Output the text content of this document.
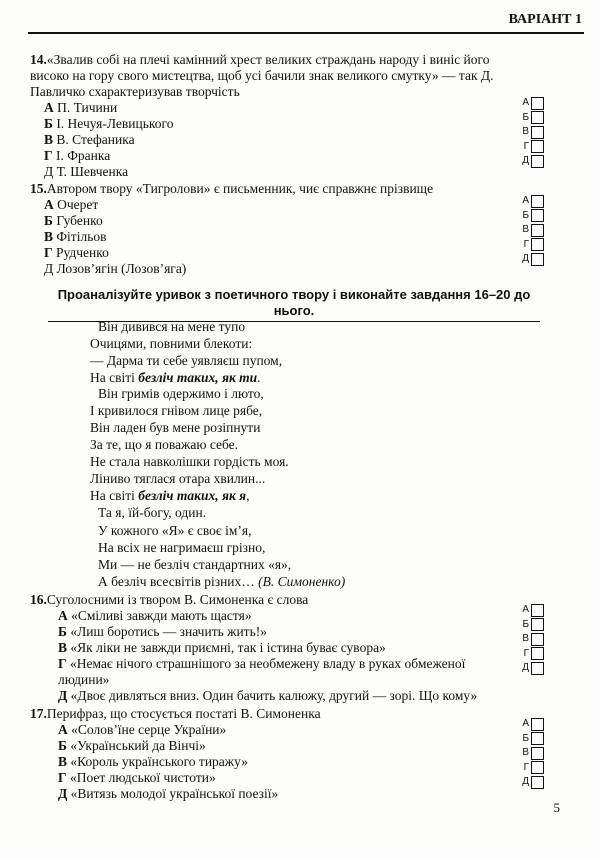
ВАРІАНТ 1
14.«Звалив собі на плечі камінний хрест великих страждань народу і виніс його високо на гору свого мистецтва, щоб усі бачили знак великого смутку» — так Д. Павличко схарактеризував творчість
А П. Тичини
Б І. Нечуя-Левицького
В В. Стефаника
Г І. Франка
Д Т. Шевченка
А
Б
В
Г
Д
15.Автором твору «Тигролови» є письменник, чиє справжнє прізвище
А Очерет
Б Губенко
В Фітільов
Г Рудченко
Д Лозов’ягін (Лозов’яга)
А
Б
В
Г
Д
Проаналізуйте уривок з поетичного твору і виконайте завдання 16–20 до нього.
Він дивився на мене тупо
Очицями, повними блекоти:
— Дарма ти себе уявляєш пупом,
На світі безліч таких, як ти.
Він гримів одержимо і люто,
І кривилося гнівом лице рябе,
Він ладен був мене розіпнути
За те, що я поважаю себе.
Не стала навколішки гордість моя.
Ліниво тяглася отара хвилин...
На світі безліч таких, як я,
Та я, їй-богу, один.
У кожного «Я» є своє ім’я,
На всіх не нагримаєш грізно,
Ми — не безліч стандартних «я»,
А безліч всесвітів різних… (В. Симоненко)
16.Суголосними із твором В. Симоненка є слова
А «Сміливі завжди мають щастя»
Б «Лиш боротись — значить жить!»
В «Як ліки не завжди приємні, так і істина буває сувора»
Г «Немає нічого страшнішого за необмежену владу в руках обмеженої людини»
Д «Двоє дивляться вниз. Один бачить калюжу, другий — зорі. Що кому»
А
Б
В
Г
Д
17.Перифраз, що стосується постаті В. Симоненка
А «Солов’їне серце України»
Б «Український да Вінчі»
В «Король українського тиражу»
Г «Поет людської чистоти»
Д «Витязь молодої української поезії»
А
Б
В
Г
Д
5
